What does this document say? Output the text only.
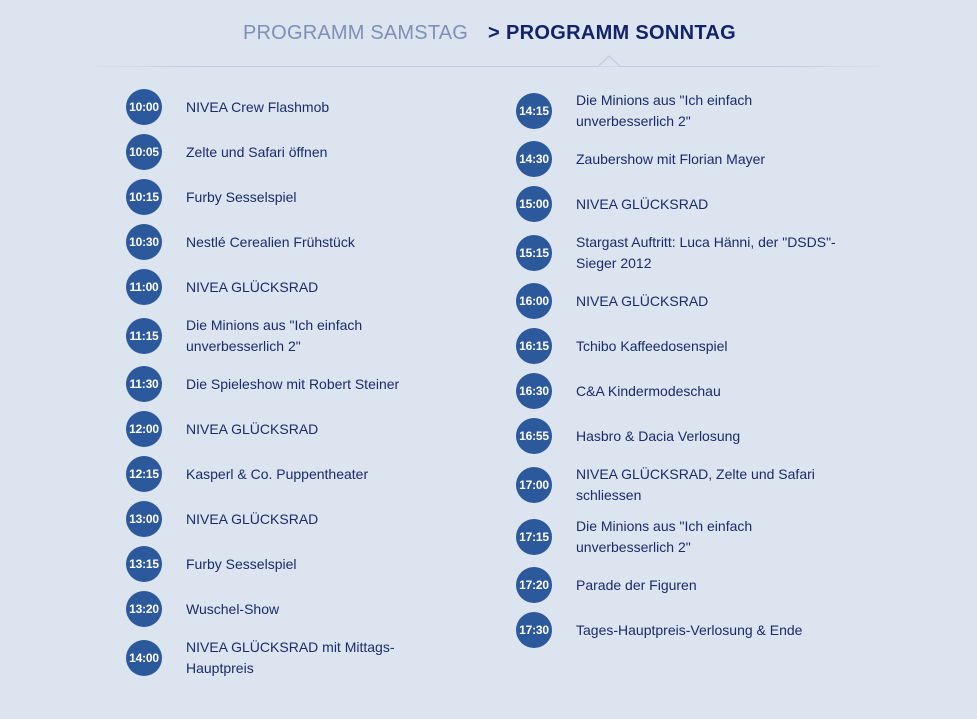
PROGRAMM SAMSTAG > PROGRAMM SONNTAG
10:00 NIVEA Crew Flashmob
10:05 Zelte und Safari öffnen
10:15 Furby Sesselspiel
10:30 Nestlé Cerealien Frühstück
11:00 NIVEA GLÜCKSRAD
11:15
Die Minions aus "Ich einfach unverbesserlich 2"
11:30 Die Spieleshow mit Robert Steiner
12:00 NIVEA GLÜCKSRAD
12:15 Kasperl & Co. Puppentheater
13:00 NIVEA GLÜCKSRAD
13:15 Furby Sesselspiel
13:20 Wuschel-Show
14:00
NIVEA GLÜCKSRAD mit Mittags-Hauptpreis
14:15
Die Minions aus "Ich einfach unverbesserlich 2"
14:30 Zaubershow mit Florian Mayer
15:00 NIVEA GLÜCKSRAD
15:15
Stargast Auftritt: Luca Hänni, der "DSDS"-Sieger 2012
16:00 NIVEA GLÜCKSRAD
16:15 Tchibo Kaffeedosenspiel
16:30 C&A Kindermodeschau
16:55 Hasbro & Dacia Verlosung
17:00
NIVEA GLÜCKSRAD, Zelte und Safari schliessen
17:15
Die Minions aus "Ich einfach unverbesserlich 2"
17:20 Parade der Figuren
17:30 Tages-Hauptpreis-Verlosung & Ende
